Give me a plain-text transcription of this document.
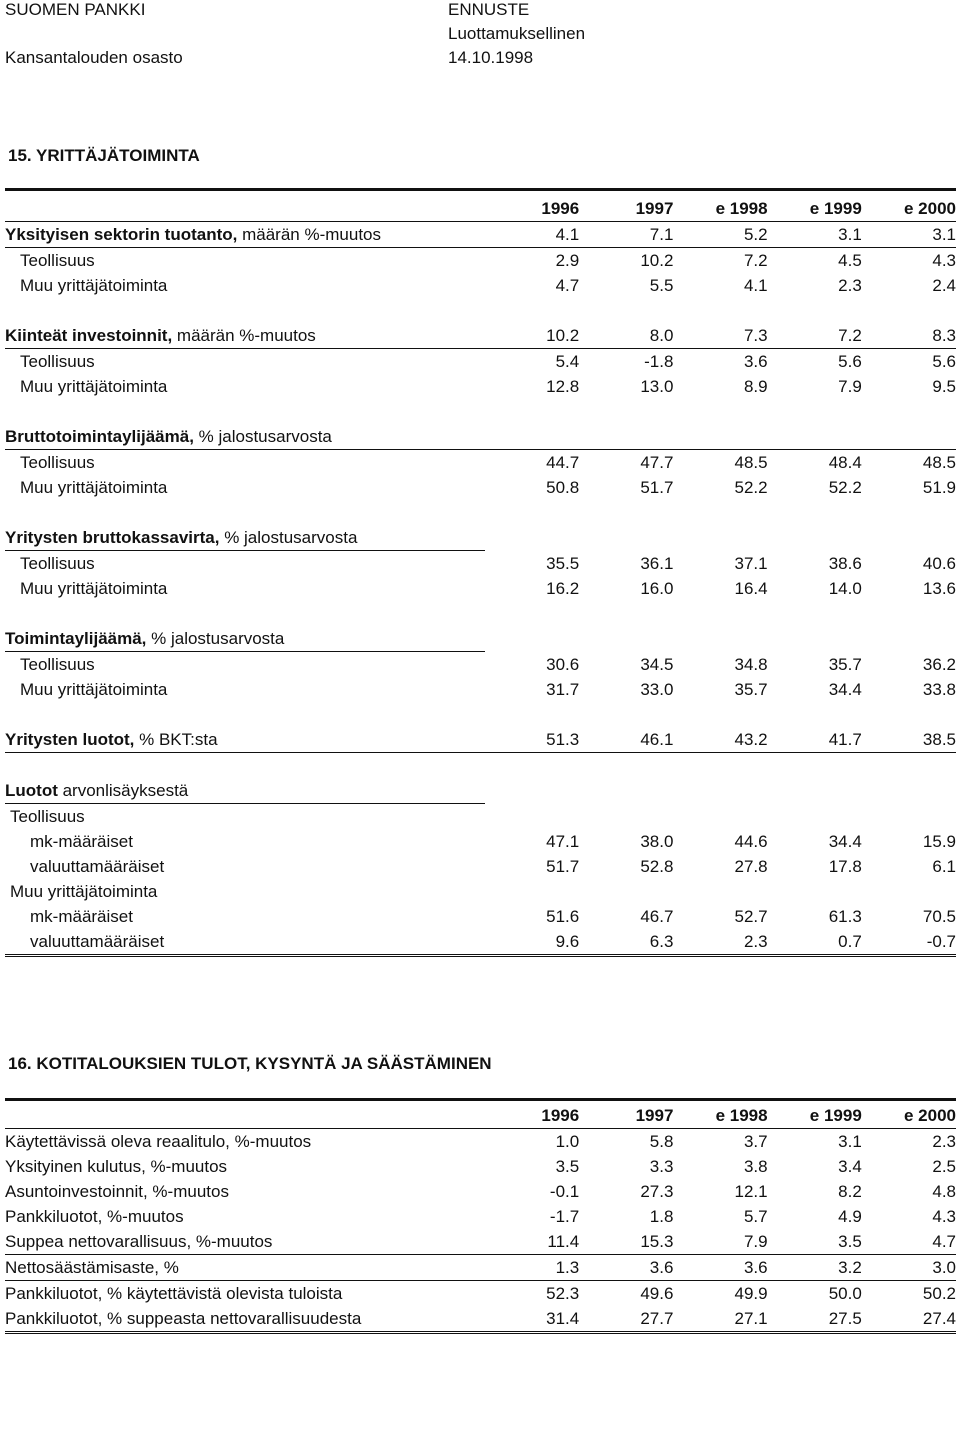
SUOMEN PANKKI
Kansantalouden osasto
ENNUSTE
Luottamuksellinen
14.10.1998
15. YRITTÄJÄTOIMINTA
	1996	1997	e 1998	e 1999	e 2000
Yksityisen sektorin tuotanto, määrän %-muutos	4.1	7.1	5.2	3.1	3.1
Teollisuus	2.9	10.2	7.2	4.5	4.3
Muu yrittäjätoiminta	4.7	5.5	4.1	2.3	2.4

Kiinteät investoinnit, määrän %-muutos	10.2	8.0	7.3	7.2	8.3
Teollisuus	5.4	-1.8	3.6	5.6	5.6
Muu yrittäjätoiminta	12.8	13.0	8.9	7.9	9.5

Bruttotoimintaylijäämä, % jalostusarvosta					
Teollisuus	44.7	47.7	48.5	48.4	48.5
Muu yrittäjätoiminta	50.8	51.7	52.2	52.2	51.9

Yritysten bruttokassavirta, % jalostusarvosta					
Teollisuus	35.5	36.1	37.1	38.6	40.6
Muu yrittäjätoiminta	16.2	16.0	16.4	14.0	13.6

Toimintaylijäämä, % jalostusarvosta					
Teollisuus	30.6	34.5	34.8	35.7	36.2
Muu yrittäjätoiminta	31.7	33.0	35.7	34.4	33.8

Yritysten luotot, % BKT:sta	51.3	46.1	43.2	41.7	38.5

Luotot arvonlisäyksestä					
Teollisuus					
mk-määräiset	47.1	38.0	44.6	34.4	15.9
valuuttamääräiset	51.7	52.8	27.8	17.8	6.1
Muu yrittäjätoiminta					
mk-määräiset	51.6	46.7	52.7	61.3	70.5
valuuttamääräiset	9.6	6.3	2.3	0.7	-0.7
16. KOTITALOUKSIEN TULOT, KYSYNTÄ JA SÄÄSTÄMINEN
	1996	1997	e 1998	e 1999	e 2000
Käytettävissä oleva reaalitulo, %-muutos	1.0	5.8	3.7	3.1	2.3
Yksityinen kulutus, %-muutos	3.5	3.3	3.8	3.4	2.5
Asuntoinvestoinnit, %-muutos	-0.1	27.3	12.1	8.2	4.8
Pankkiluotot, %-muutos	-1.7	1.8	5.7	4.9	4.3
Suppea nettovarallisuus, %-muutos	11.4	15.3	7.9	3.5	4.7
Nettosäästämisaste, %	1.3	3.6	3.6	3.2	3.0
Pankkiluotot, % käytettävistä olevista tuloista	52.3	49.6	49.9	50.0	50.2
Pankkiluotot, % suppeasta nettovarallisuudesta	31.4	27.7	27.1	27.5	27.4
